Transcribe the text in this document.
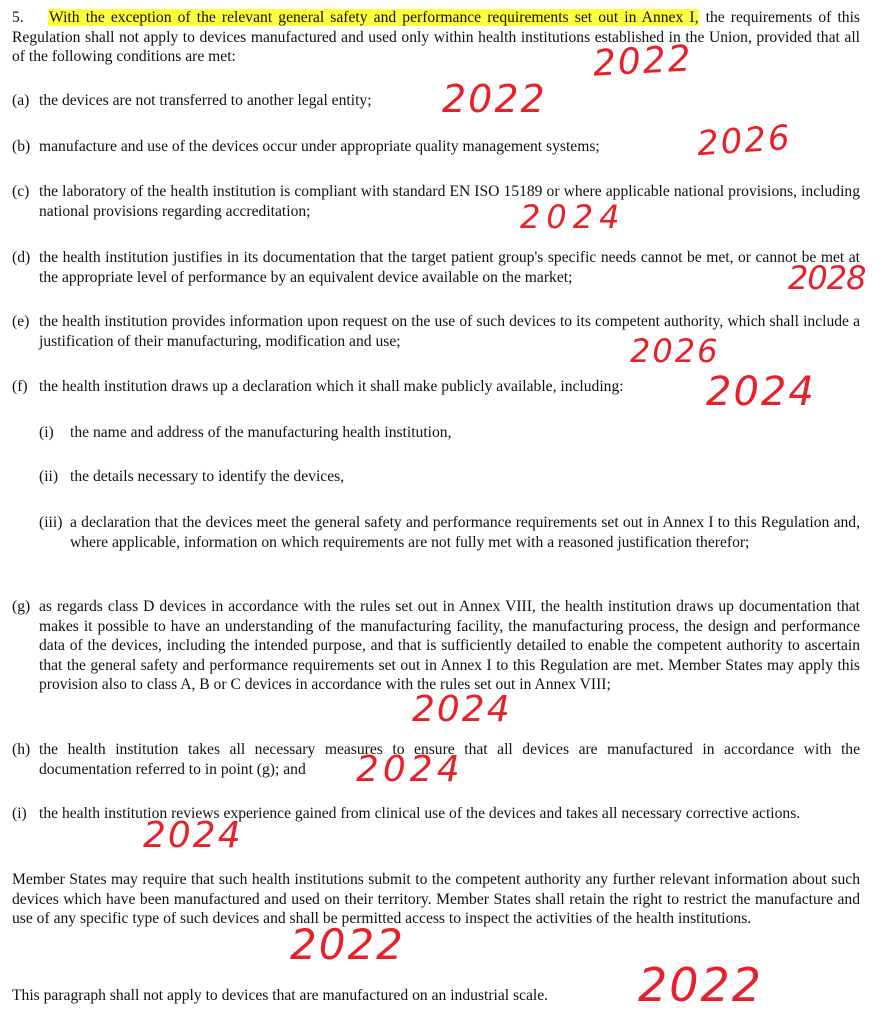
5. With the exception of the relevant general safety and performance requirements set out in Annex I, the requirements of this Regulation shall not apply to devices manufactured and used only within health institutions established in the Union, provided that all of the following conditions are met:
(a) the devices are not transferred to another legal entity;
(b) manufacture and use of the devices occur under appropriate quality management systems;
(c) the laboratory of the health institution is compliant with standard EN ISO 15189 or where applicable national provisions, including national provisions regarding accreditation;
(d) the health institution justifies in its documentation that the target patient group's specific needs cannot be met, or cannot be met at the appropriate level of performance by an equivalent device available on the market;
(e) the health institution provides information upon request on the use of such devices to its competent authority, which shall include a justification of their manufacturing, modification and use;
(f) the health institution draws up a declaration which it shall make publicly available, including:
(i) the name and address of the manufacturing health institution,
(ii) the details necessary to identify the devices,
(iii) a declaration that the devices meet the general safety and performance requirements set out in Annex I to this Regulation and, where applicable, information on which requirements are not fully met with a reasoned justification therefor;
(g) as regards class D devices in accordance with the rules set out in Annex VIII, the health institution draws up documentation that makes it possible to have an understanding of the manufacturing facility, the manufacturing process, the design and performance data of the devices, including the intended purpose, and that is sufficiently detailed to enable the competent authority to ascertain that the general safety and performance requirements set out in Annex I to this Regulation are met. Member States may apply this provision also to class A, B or C devices in accordance with the rules set out in Annex VIII;
(h) the health institution takes all necessary measures to ensure that all devices are manufactured in accordance with the documentation referred to in point (g); and
(i) the health institution reviews experience gained from clinical use of the devices and takes all necessary corrective actions.
Member States may require that such health institutions submit to the competent authority any further relevant information about such devices which have been manufactured and used on their territory. Member States shall retain the right to restrict the manufacture and use of any specific type of such devices and shall be permitted access to inspect the activities of the health institutions.
This paragraph shall not apply to devices that are manufactured on an industrial scale.
2022
2022
2026
2024
2028
2026
2024
2024
2024
2024
2022
2022
